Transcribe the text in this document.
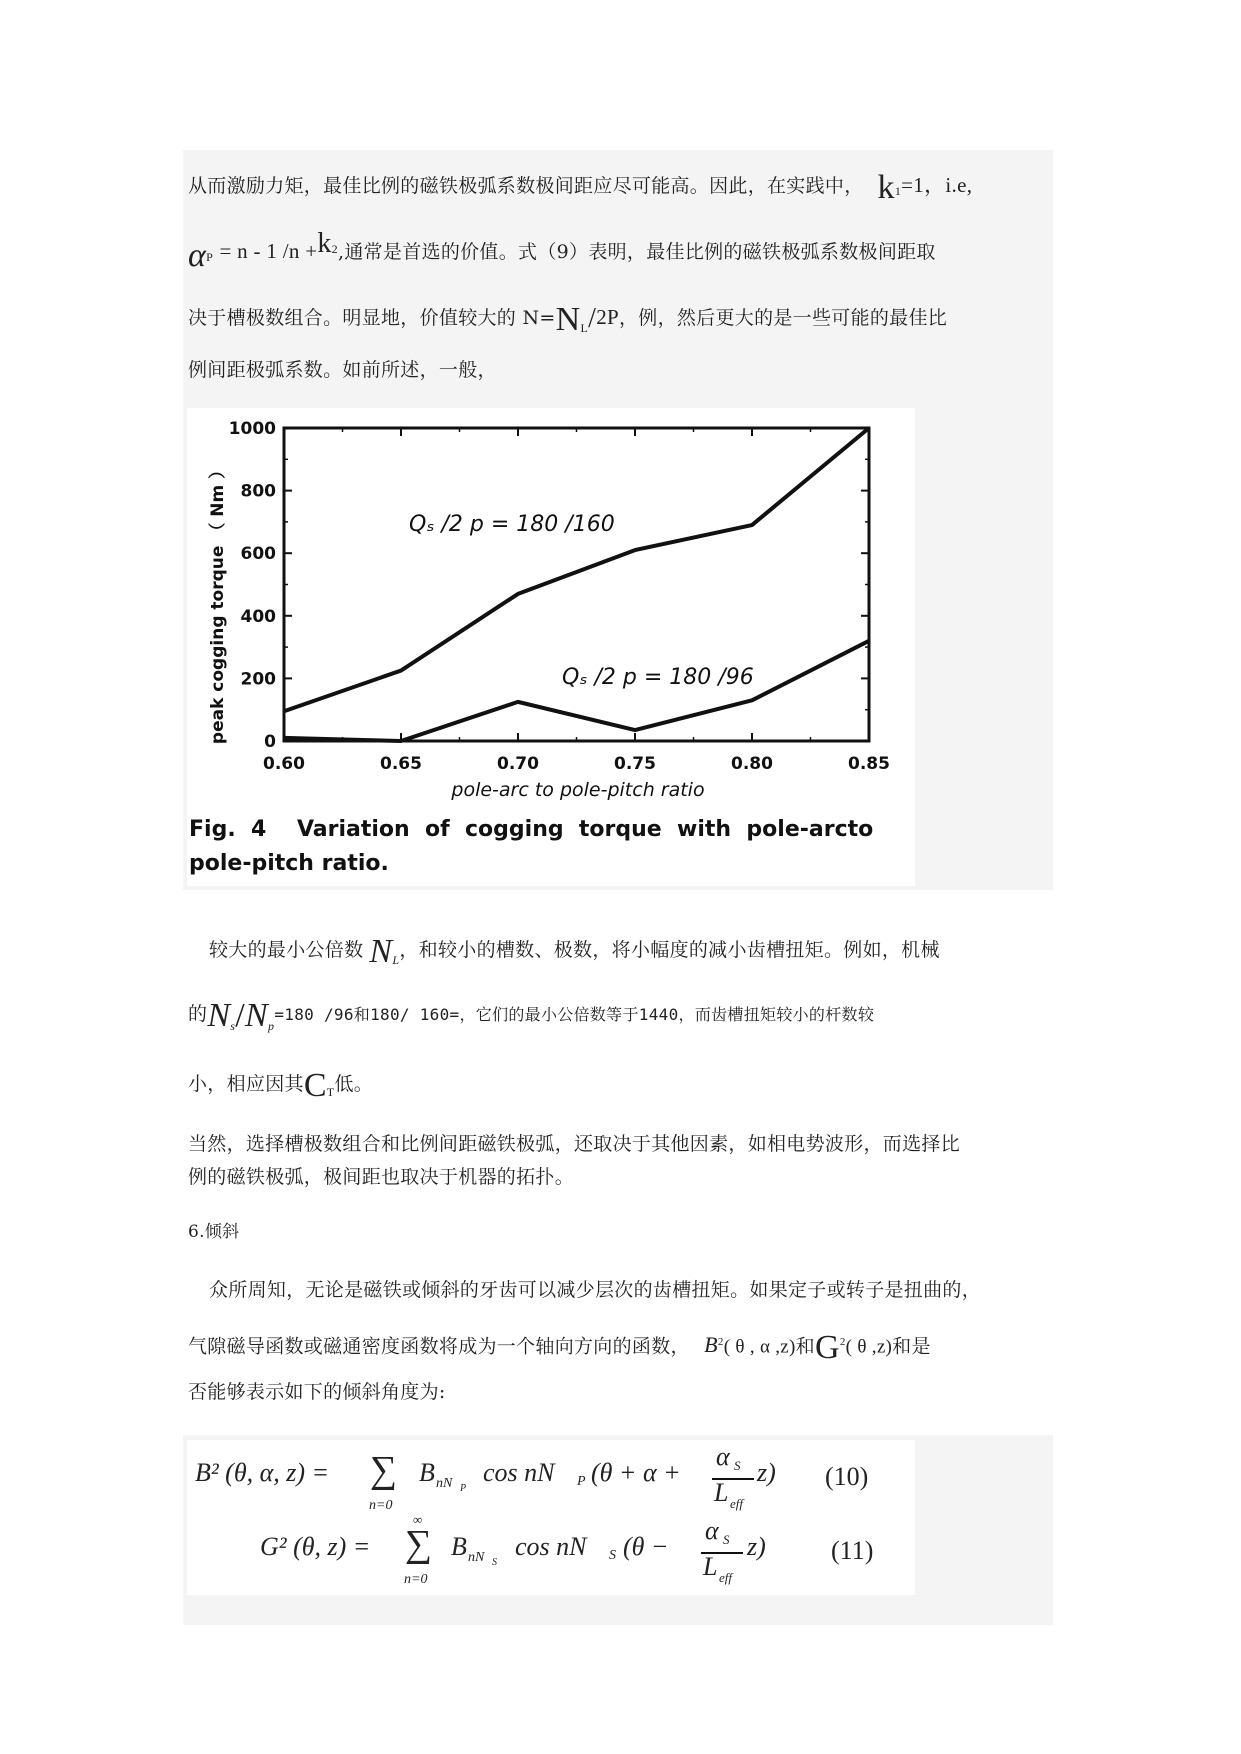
从而激励力矩，最佳比例的磁铁极弧系数极间距应尽可能高。因此，在实践中， $k_1=1$，i.e,
$\alpha_P = n - 1$ $/n +k^2$,通常是首选的价值。式（9）表明，最佳比例的磁铁极弧系数极间距取
决于槽极数组合。明显地，价值较大的 $N=N_L/2P$，例，然后更大的是一些可能的最佳比
例间距极弧系数。如前所述，一般，
0
200
400
600
800
1000
0.60	0.65	0.70	0.75	0.80	0.85
peak cogging torque （ Nm ）
pole-arc to pole-pitch ratio
Qₛ /2 p = 180 /160
Qₛ /2 p = 180 /96
Fig.  4    Variation  of  cogging  torque  with  pole-arcto
pole-pitch ratio.
较大的最小公倍数 $N_L$，和较小的槽数、极数，将小幅度的减小齿槽扭矩。例如，机械
的$N_s/N_p=180$ /96和180/ 160=，它们的最小公倍数等于1440，而齿槽扭矩较小的杆数较
小，相应因其$C_T$低。
当然，选择槽极数组合和比例间距磁铁极弧，还取决于其他因素，如相电势波形，而选择比
例的磁铁极弧，极间距也取决于机器的拓扑。
6.倾斜
众所周知，无论是磁铁或倾斜的牙齿可以减少层次的齿槽扭矩。如果定子或转子是扭曲的，
气隙磁导函数或磁通密度函数将成为一个轴向方向的函数， $B^2$( θ , α ,z)和$G^2$( θ ,z)和是
否能够表示如下的倾斜角度为:
B² (θ, α, z) = ∑
n=0
B nN P
cos nN P (θ + α +
α S
L eff
z) (10)
G² (θ, z) = ∑
∞
n=0
B nN S
cos nN S (θ −
α S
L eff
z)	(11)
